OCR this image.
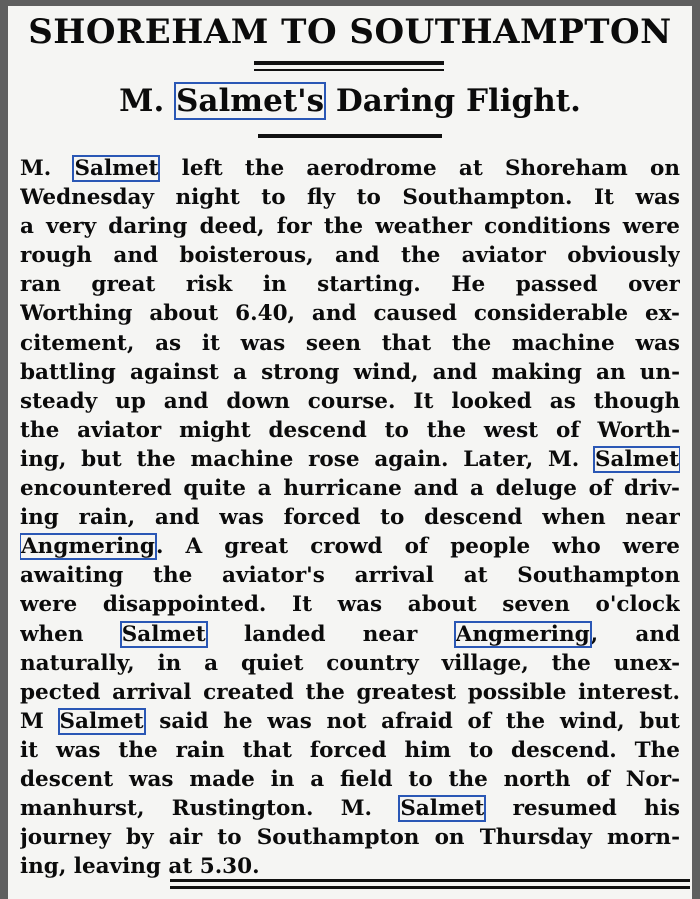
SHOREHAM TO SOUTHAMPTON
M. Salmet's Daring Flight.
M. Salmet left the aerodrome at Shoreham on
Wednesday night to fly to Southampton. It was
a very daring deed, for the weather conditions were
rough and boisterous, and the aviator obviously
ran great risk in starting. He passed over
Worthing about 6.40, and caused considerable ex-
citement, as it was seen that the machine was
battling against a strong wind, and making an un-
steady up and down course. It looked as though
the aviator might descend to the west of Worth-
ing, but the machine rose again. Later, M. Salmet
encountered quite a hurricane and a deluge of driv-
ing rain, and was forced to descend when near
Angmering. A great crowd of people who were
awaiting the aviator's arrival at Southampton
were disappointed. It was about seven o'clock
when Salmet landed near Angmering, and
naturally, in a quiet country village, the unex-
pected arrival created the greatest possible interest.
M Salmet said he was not afraid of the wind, but
it was the rain that forced him to descend. The
descent was made in a field to the north of Nor-
manhurst, Rustington. M. Salmet resumed his
journey by air to Southampton on Thursday morn-
ing, leaving at 5.30.
